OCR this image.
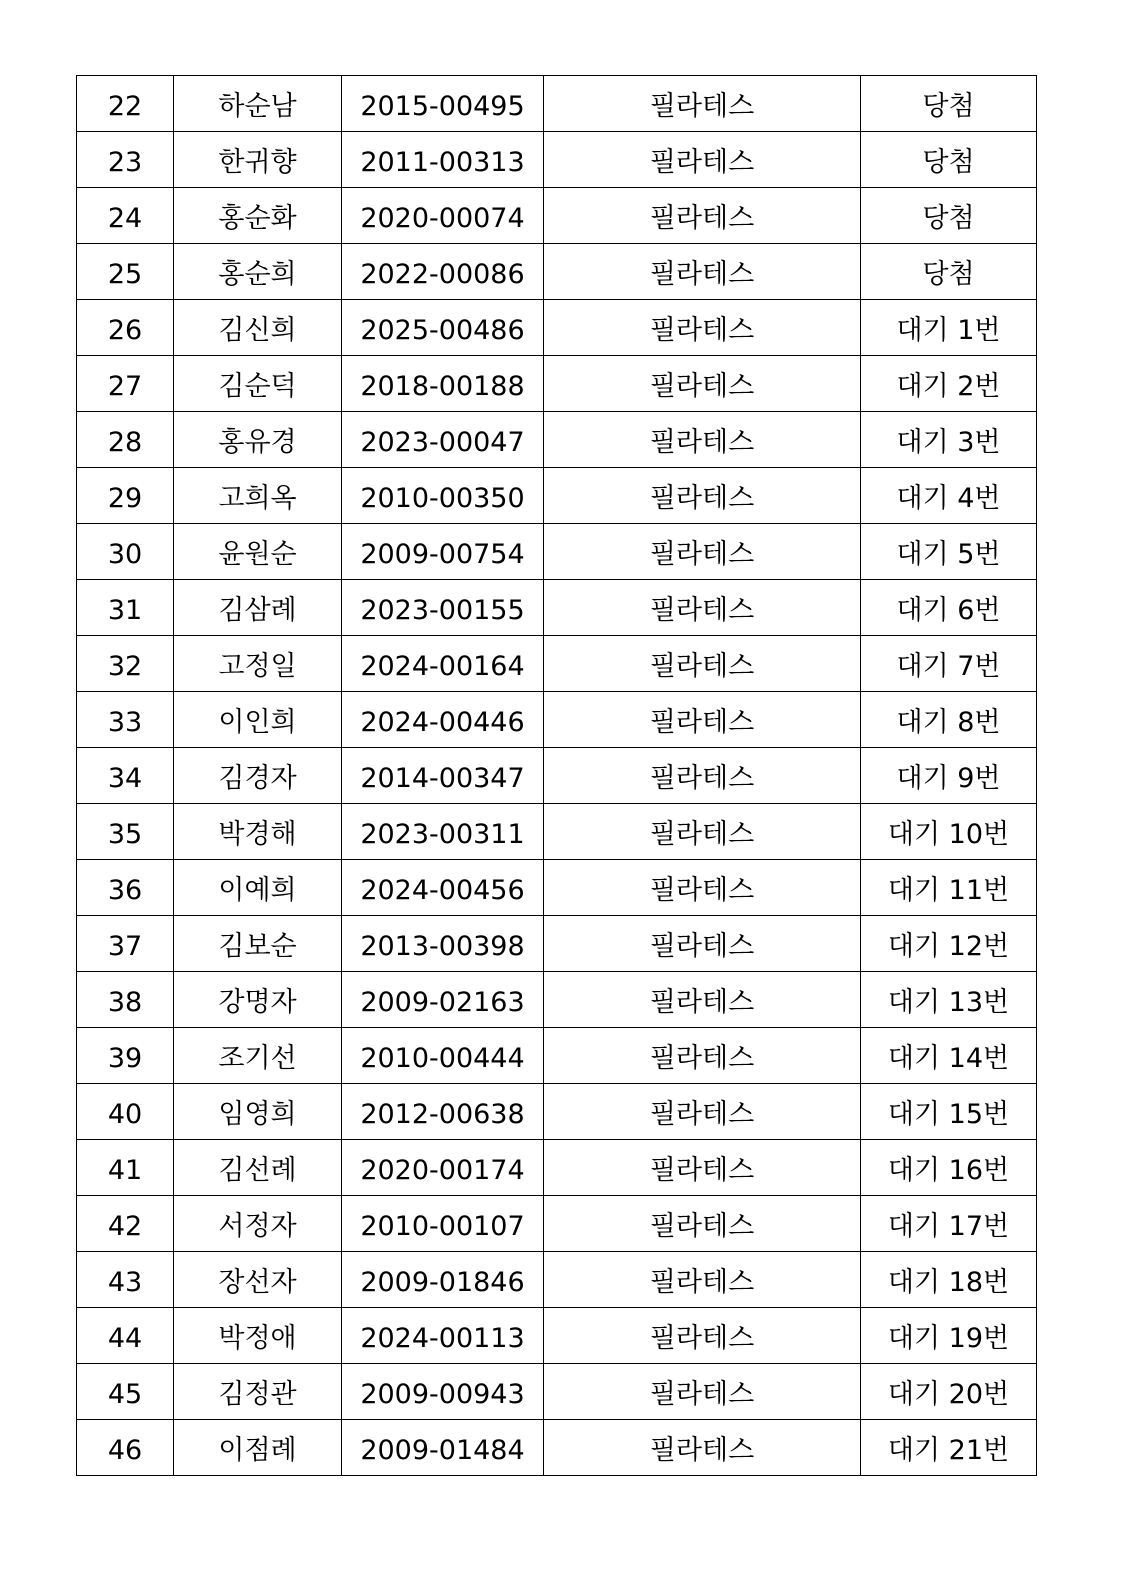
22	하순남	2015-00495	필라테스	당첨
23	한귀향	2011-00313	필라테스	당첨
24	홍순화	2020-00074	필라테스	당첨
25	홍순희	2022-00086	필라테스	당첨
26	김신희	2025-00486	필라테스	대기 1번
27	김순덕	2018-00188	필라테스	대기 2번
28	홍유경	2023-00047	필라테스	대기 3번
29	고희옥	2010-00350	필라테스	대기 4번
30	윤원순	2009-00754	필라테스	대기 5번
31	김삼례	2023-00155	필라테스	대기 6번
32	고정일	2024-00164	필라테스	대기 7번
33	이인희	2024-00446	필라테스	대기 8번
34	김경자	2014-00347	필라테스	대기 9번
35	박경해	2023-00311	필라테스	대기 10번
36	이예희	2024-00456	필라테스	대기 11번
37	김보순	2013-00398	필라테스	대기 12번
38	강명자	2009-02163	필라테스	대기 13번
39	조기선	2010-00444	필라테스	대기 14번
40	임영희	2012-00638	필라테스	대기 15번
41	김선례	2020-00174	필라테스	대기 16번
42	서정자	2010-00107	필라테스	대기 17번
43	장선자	2009-01846	필라테스	대기 18번
44	박정애	2024-00113	필라테스	대기 19번
45	김정관	2009-00943	필라테스	대기 20번
46	이점례	2009-01484	필라테스	대기 21번
